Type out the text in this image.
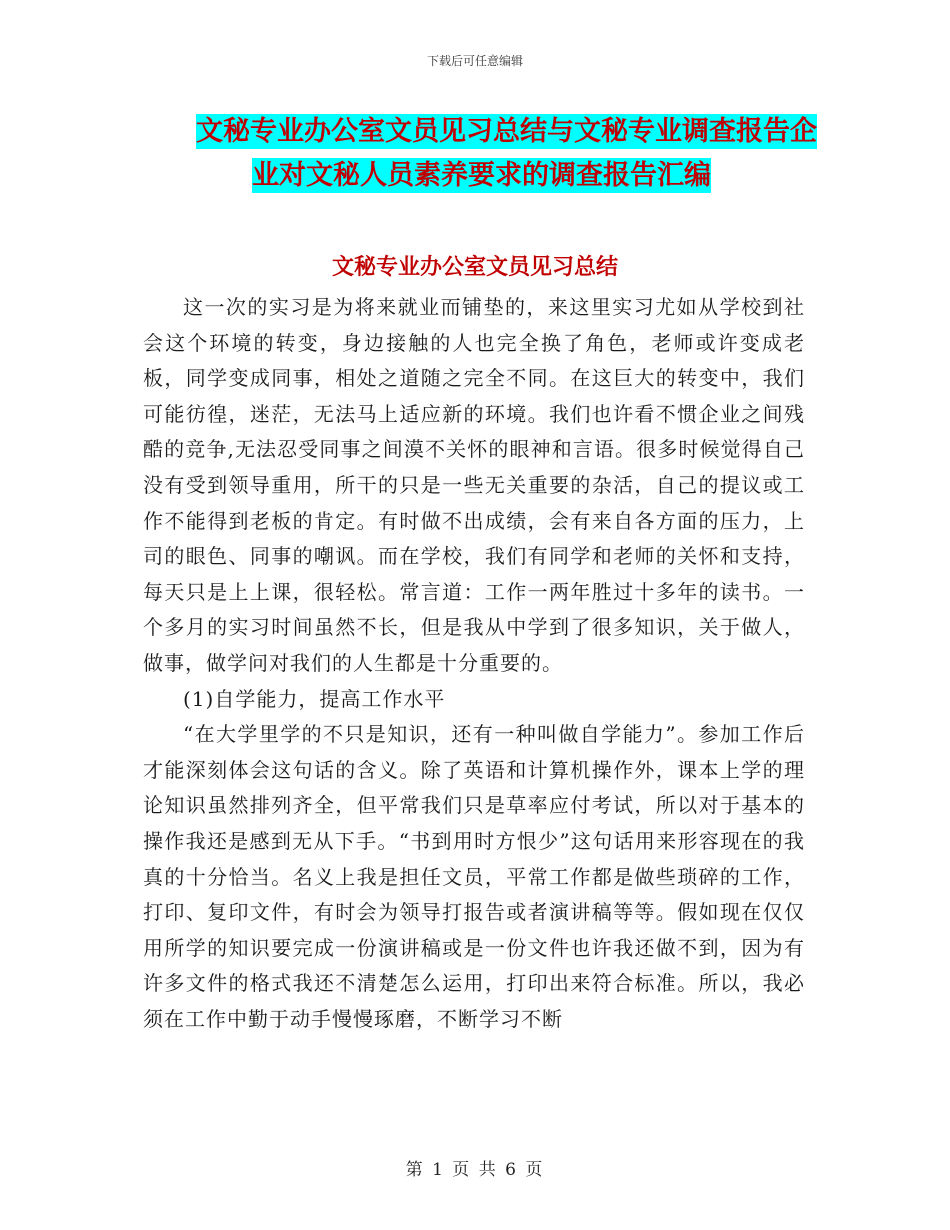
下载后可任意编辑
文秘专业办公室文员见习总结与文秘专业调查报告企
业对文秘人员素养要求的调查报告汇编
文秘专业办公室文员见习总结

这一次的实习是为将来就业而铺垫的，来这里实习尤如从学校到社会这个环境的转变，身边接触的人也完全换了角色，老师或许变成老板，同学变成同事，相处之道随之完全不同。在这巨大的转变中，我们可能彷徨，迷茫，无法马上适应新的环境。我们也许看不惯企业之间残酷的竞争,无法忍受同事之间漠不关怀的眼神和言语。很多时候觉得自己没有受到领导重用，所干的只是一些无关重要的杂活，自己的提议或工作不能得到老板的肯定。有时做不出成绩，会有来自各方面的压力，上司的眼色、同事的嘲讽。而在学校，我们有同学和老师的关怀和支持，每天只是上上课，很轻松。常言道：工作一两年胜过十多年的读书。一个多月的实习时间虽然不长，但是我从中学到了很多知识，关于做人，做事，做学问对我们的人生都是十分重要的。

(1)自学能力，提高工作水平

“在大学里学的不只是知识，还有一种叫做自学能力”。参加工作后才能深刻体会这句话的含义。除了英语和计算机操作外，课本上学的理论知识虽然排列齐全，但平常我们只是草率应付考试，所以对于基本的操作我还是感到无从下手。“书到用时方恨少”这句话用来形容现在的我真的十分恰当。名义上我是担任文员，平常工作都是做些琐碎的工作，打印、复印文件，有时会为领导打报告或者演讲稿等等。假如现在仅仅用所学的知识要完成一份演讲稿或是一份文件也许我还做不到，因为有许多文件的格式我还不清楚怎么运用，打印出来符合标准。所以，我必须在工作中勤于动手慢慢琢磨，不断学习不断

第 1 页 共 6 页
